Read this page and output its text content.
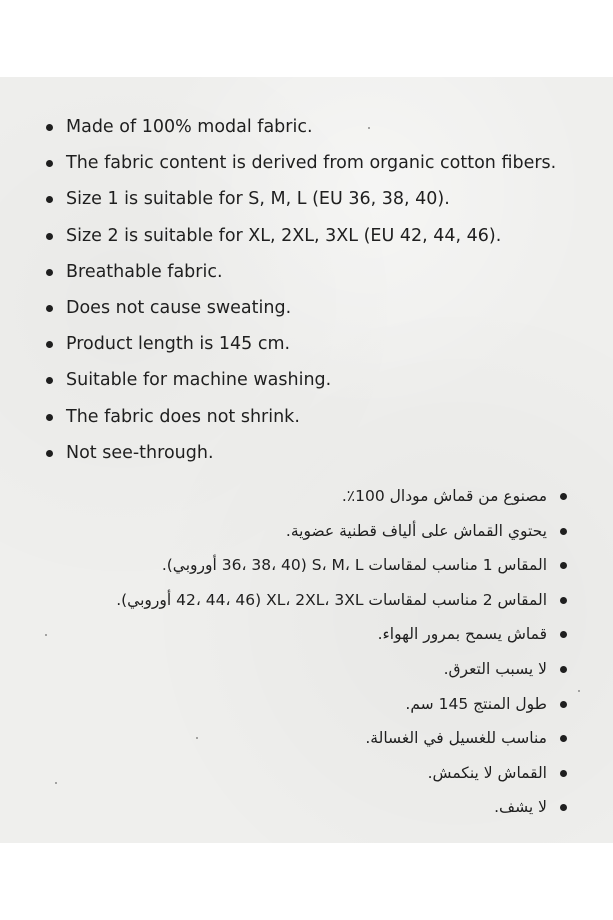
Made of 100% modal fabric.
The fabric content is derived from organic cotton fibers.
Size 1 is suitable for S, M, L (EU 36, 38, 40).
Size 2 is suitable for XL, 2XL, 3XL (EU 42, 44, 46).
Breathable fabric.
Does not cause sweating.
Product length is 145 cm.
Suitable for machine washing.
The fabric does not shrink.
Not see-through.
مصنوع من قماش مودال 100٪.
يحتوي القماش على ألياف قطنية عضوية.
المقاس 1 مناسب لمقاسات S، M، L (36، 38، 40 أوروبي).
المقاس 2 مناسب لمقاسات XL، 2XL، 3XL (42، 44، 46 أوروبي).
قماش يسمح بمرور الهواء.
لا يسبب التعرق.
طول المنتج 145 سم.
مناسب للغسيل في الغسالة.
القماش لا ينكمش.
لا يشف.
